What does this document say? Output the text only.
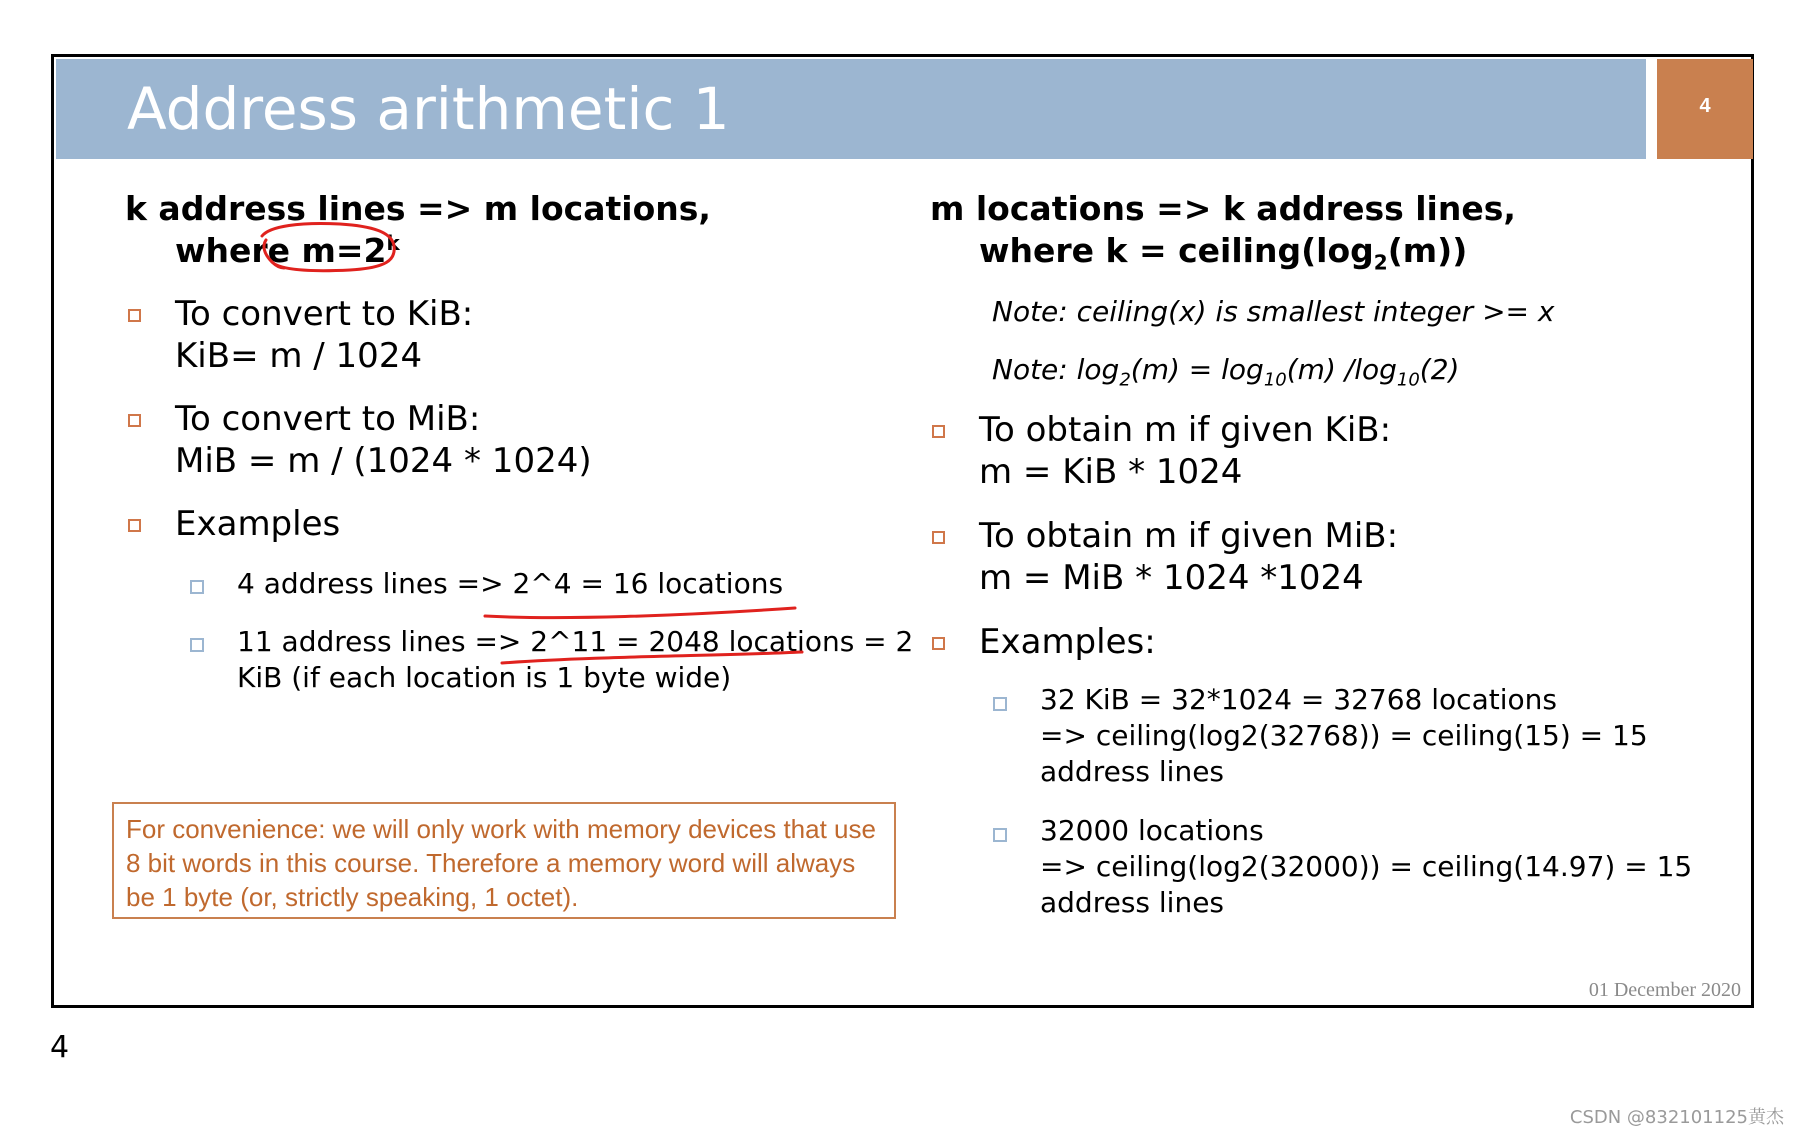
Address arithmetic 1	4
k address lines => m locations,
where $m=2^k$
To convert to KiB:
KiB= m / 1024
To convert to MiB:
MiB = m / (1024 * 1024)
Examples
4 address lines => 2^4 = 16 locations
11 address lines => 2^11 = 2048 locations = 2
KiB (if each location is 1 byte wide)
For convenience: we will only work with memory devices that use 8 bit words in this course. Therefore a memory word will always be 1 byte (or, strictly speaking, 1 octet).
m locations => k address lines,
where $k = ceiling(\log_2(m))$
Note: ceiling(x) is smallest integer >= x
Note: $\log_2(m) = \log_{10}(m)$ $/\log_{10}(2)$
To obtain m if given KiB:
m = KiB * 1024
To obtain m if given MiB:
m = MiB * 1024 *1024
Examples:
32 KiB = 32*1024 = 32768 locations
=> ceiling(log2(32768)) = ceiling(15) = 15
address lines
32000 locations
=> ceiling(log2(32000)) = ceiling(14.97) = 15
address lines
01 December 2020
4
CSDN @832101125黄杰
